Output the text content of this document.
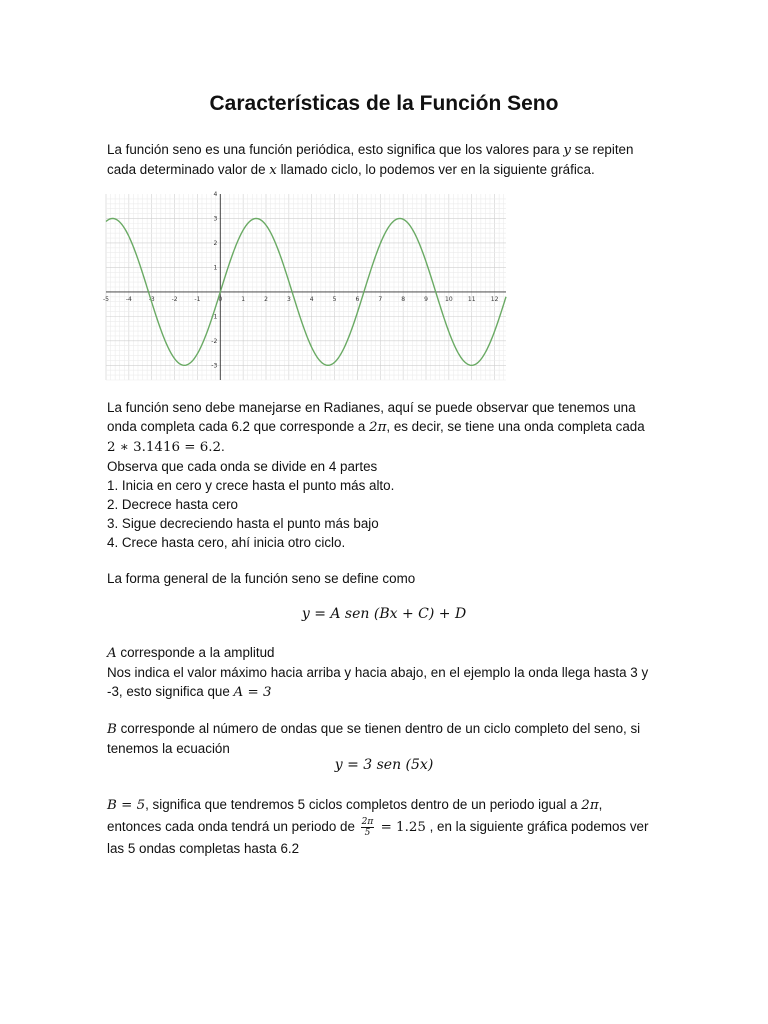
Características de la Función Seno

La función seno es una función periódica, esto significa que los valores para y se repiten
cada determinado valor de x llamado ciclo, lo podemos ver en la siguiente gráfica.

-5	-4	-3	-2	-1	0	1	2	3	4	5	6	7	8	9	10	11	12
4
3
2
1
-1
-2
-3

La función seno debe manejarse en Radianes, aquí se puede observar que tenemos una
onda completa cada 6.2 que corresponde a 2π, es decir, se tiene una onda completa cada
2 ∗ 3.1416 = 6.2.
Observa que cada onda se divide en 4 partes
1. Inicia en cero y crece hasta el punto más alto.
2. Decrece hasta cero
3. Sigue decreciendo hasta el punto más bajo
4. Crece hasta cero, ahí inicia otro ciclo.

La forma general de la función seno se define como

y = A sen (Bx + C) + D

A corresponde a la amplitud
Nos indica el valor máximo hacia arriba y hacia abajo, en el ejemplo la onda llega hasta 3 y
-3, esto significa que A = 3

B corresponde al número de ondas que se tienen dentro de un ciclo completo del seno, si
tenemos la ecuación

y = 3 sen (5x)

B = 5, significa que tendremos 5 ciclos completos dentro de un periodo igual a 2π,
entonces cada onda tendrá un periodo de $\frac{2\pi}{5} = 1.25$ , en la siguiente gráfica podemos ver
las 5 ondas completas hasta 6.2
